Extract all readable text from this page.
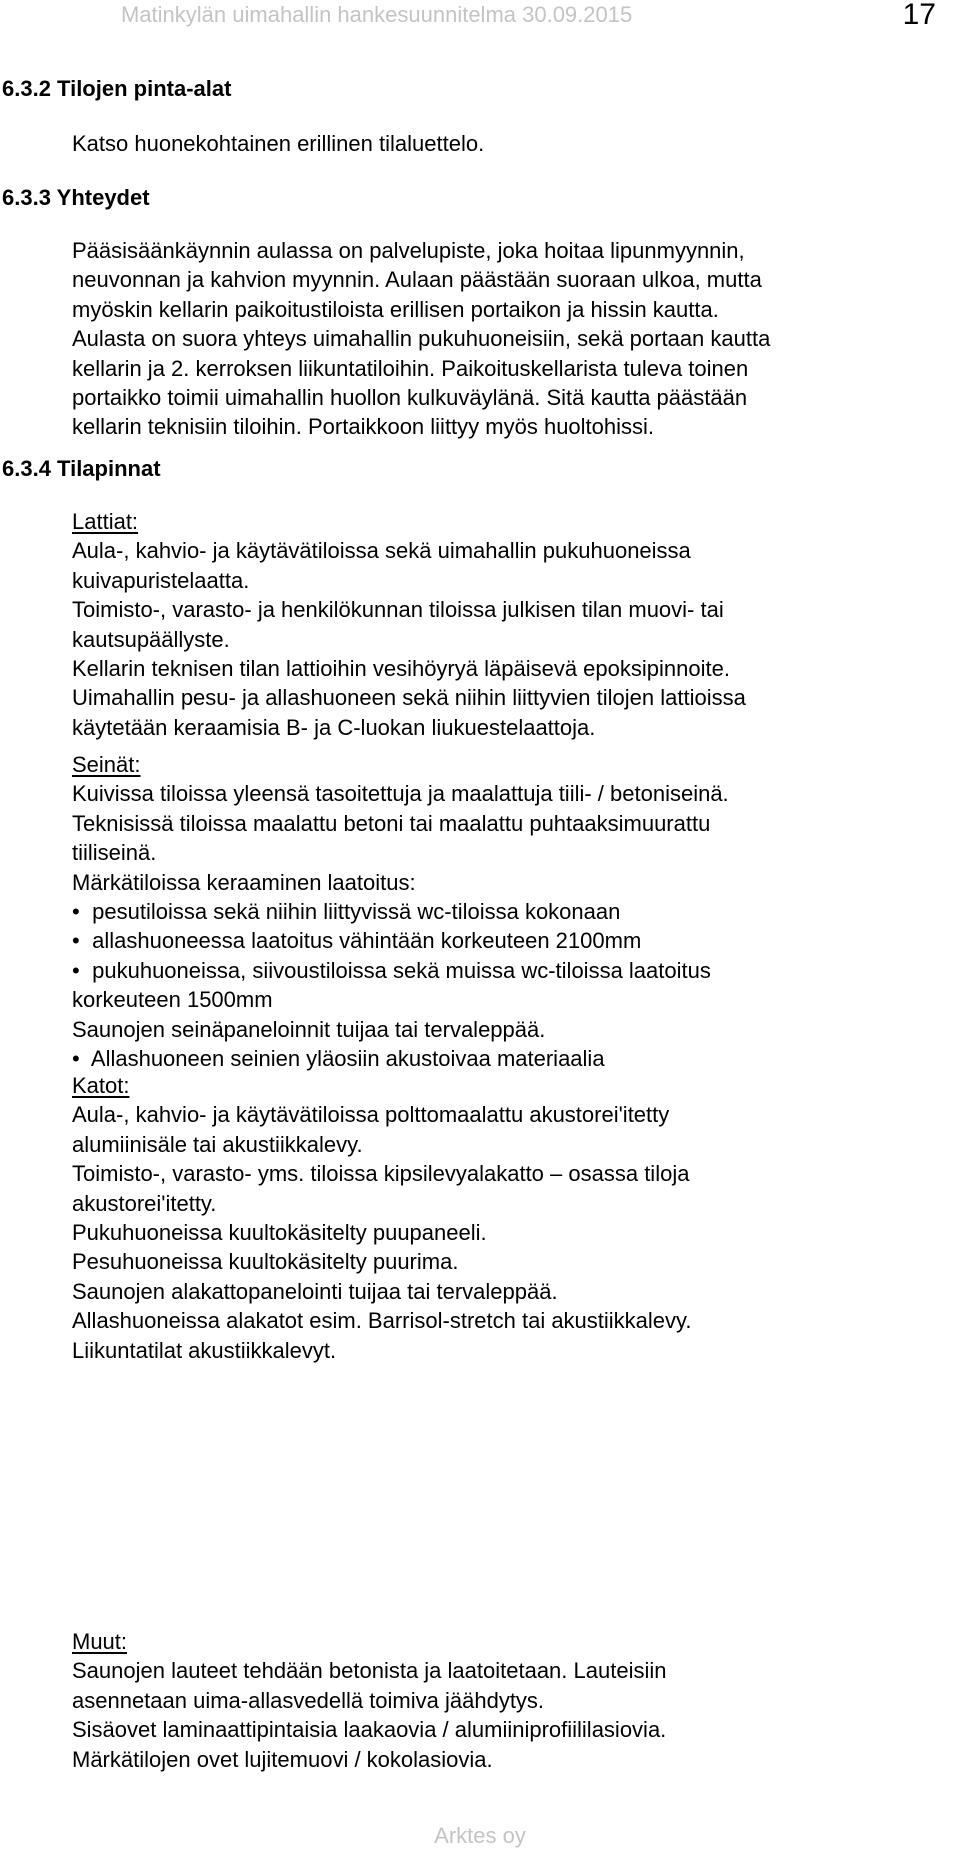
Matinkylän uimahallin hankesuunnitelma 30.09.2015	17
6.3.2 Tilojen pinta-alat
Katso huonekohtainen erillinen tilaluettelo.
6.3.3 Yhteydet
Pääsisäänkäynnin aulassa on palvelupiste, joka hoitaa lipunmyynnin,
neuvonnan ja kahvion myynnin. Aulaan päästään suoraan ulkoa, mutta
myöskin kellarin paikoitustiloista erillisen portaikon ja hissin kautta.
Aulasta on suora yhteys uimahallin pukuhuoneisiin, sekä portaan kautta
kellarin ja 2. kerroksen liikuntatiloihin. Paikoituskellarista tuleva toinen
portaikko toimii uimahallin huollon kulkuväylänä. Sitä kautta päästään
kellarin teknisiin tiloihin. Portaikkoon liittyy myös huoltohissi.
6.3.4 Tilapinnat
Lattiat:
Aula-, kahvio- ja käytävätiloissa sekä uimahallin pukuhuoneissa
kuivapuristelaatta.
Toimisto-, varasto- ja henkilökunnan tiloissa julkisen tilan muovi- tai
kautsupäällyste.
Kellarin teknisen tilan lattioihin vesihöyryä läpäisevä epoksipinnoite.
Uimahallin pesu- ja allashuoneen sekä niihin liittyvien tilojen lattioissa
käytetään keraamisia B- ja C-luokan liukuestelaattoja.
Seinät:
Kuivissa tiloissa yleensä tasoitettuja ja maalattuja tiili- / betoniseinä.
Teknisissä tiloissa maalattu betoni tai maalattu puhtaaksimuurattu
tiiliseinä.
Märkätiloissa keraaminen laatoitus:
• pesutiloissa sekä niihin liittyvissä wc-tiloissa kokonaan
• allashuoneessa laatoitus vähintään korkeuteen 2100mm
• pukuhuoneissa, siivoustiloissa sekä muissa wc-tiloissa laatoitus
korkeuteen 1500mm
Saunojen seinäpaneloinnit tuijaa tai tervaleppää.
• Allashuoneen seinien yläosiin akustoivaa materiaalia
Katot:
Aula-, kahvio- ja käytävätiloissa polttomaalattu akustorei'itetty
alumiinisäle tai akustiikkalevy.
Toimisto-, varasto- yms. tiloissa kipsilevyalakatto – osassa tiloja
akustorei'itetty.
Pukuhuoneissa kuultokäsitelty puupaneeli.
Pesuhuoneissa kuultokäsitelty puurima.
Saunojen alakattopanelointi tuijaa tai tervaleppää.
Allashuoneissa alakatot esim. Barrisol-stretch tai akustiikkalevy.
Liikuntatilat akustiikkalevyt.
Muut:
Saunojen lauteet tehdään betonista ja laatoitetaan. Lauteisiin
asennetaan uima-allasvedellä toimiva jäähdytys.
Sisäovet laminaattipintaisia laakaovia / alumiiniprofiililasiovia.
Märkätilojen ovet lujitemuovi / kokolasiovia.
Arktes oy
